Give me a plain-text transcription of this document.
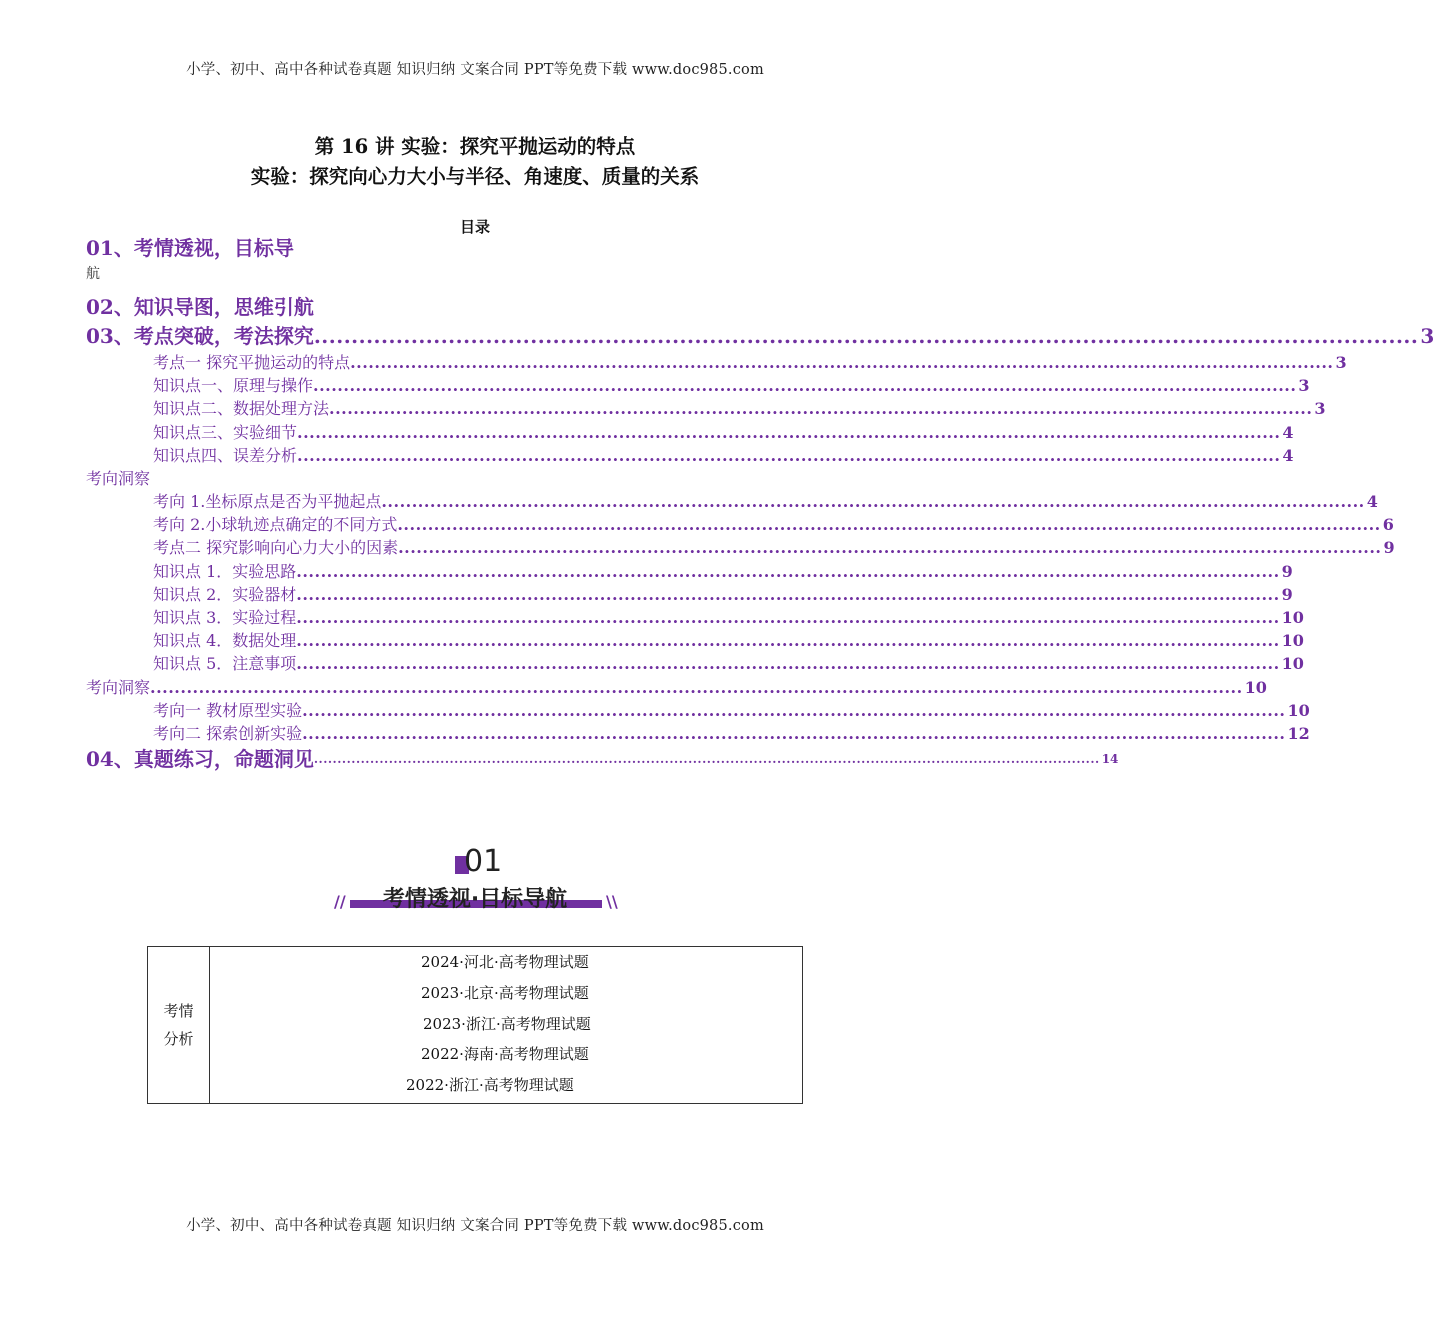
小学、初中、高中各种试卷真题 知识归纳 文案合同 PPT等免费下载 www.doc985.com
第 16 讲 实验：探究平抛运动的特点
实验：探究向心力大小与半径、角速度、质量的关系
目录
01、考情透视，目标导
航
02、知识导图，思维引航
03、考点突破，考法探究 .................................................................................................................................................... 3
考点一 探究平抛运动的特点 .................................................................................................................................................................. 3
知识点一、原理与操作 .................................................................................................................................................................. 3
知识点二、数据处理方法 .................................................................................................................................................................. 3
知识点三、实验细节 .................................................................................................................................................................. 4
知识点四、误差分析 .................................................................................................................................................................. 4
考向洞察
考向 1.坐标原点是否为平抛起点 .................................................................................................................................................................. 4
考向 2.小球轨迹点确定的不同方式 .................................................................................................................................................................. 6
考点二 探究影响向心力大小的因素 .................................................................................................................................................................. 9
知识点 1．实验思路 .................................................................................................................................................................. 9
知识点 2．实验器材 .................................................................................................................................................................. 9
知识点 3．实验过程 .................................................................................................................................................................. 10
知识点 4．数据处理 .................................................................................................................................................................. 10
知识点 5．注意事项 .................................................................................................................................................................. 10
考向洞察 .................................................................................................................................................................................... 10
考向一 教材原型实验 .................................................................................................................................................................. 10
考向二 探索创新实验 .................................................................................................................................................................. 12
04、真题练习，命题洞见 ........................................................................................................................................................................ 14
01
//	考情透视·目标导航	\\
考情
分析

2024·河北·高考物理试题
2023·北京·高考物理试题
2023·浙江·高考物理试题
2022·海南·高考物理试题
2022·浙江·高考物理试题
小学、初中、高中各种试卷真题 知识归纳 文案合同 PPT等免费下载 www.doc985.com
